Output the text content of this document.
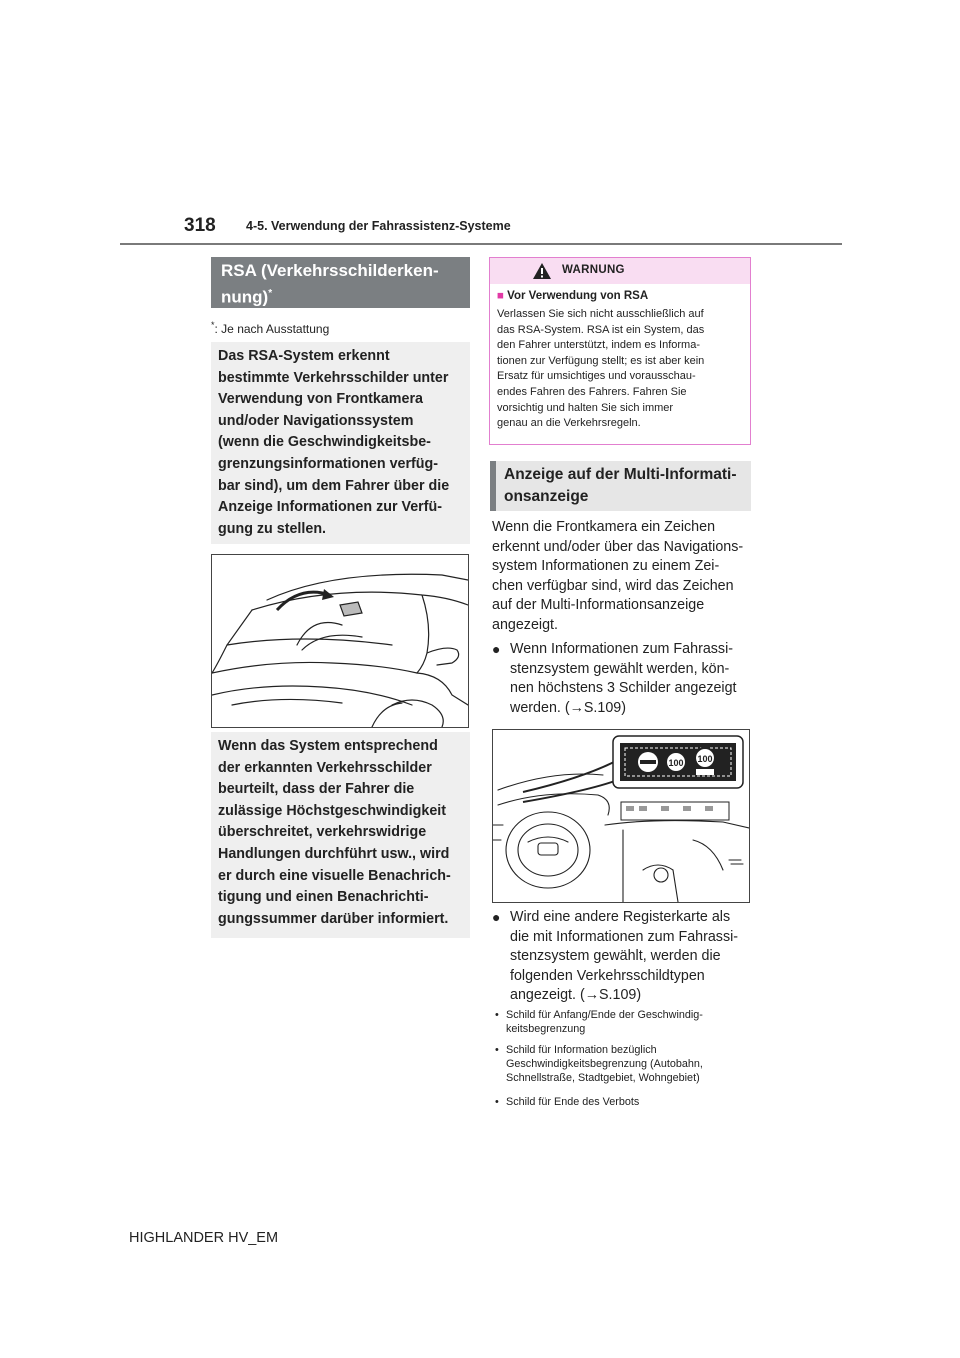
318 4-5. Verwendung der Fahrassistenz-Systeme
RSA (Verkehrsschilderken-
nung)*
*: Je nach Ausstattung
Das RSA-System erkennt
bestimmte Verkehrsschilder unter
Verwendung von Frontkamera
und/oder Navigationssystem
(wenn die Geschwindigkeitsbe-
grenzungsinformationen verfüg-
bar sind), um dem Fahrer über die
Anzeige Informationen zur Verfü-
gung zu stellen.
Wenn das System entsprechend
der erkannten Verkehrsschilder
beurteilt, dass der Fahrer die
zulässige Höchstgeschwindigkeit
überschreitet, verkehrswidrige
Handlungen durchführt usw., wird
er durch eine visuelle Benachrich-
tigung und einen Benachrichti-
gungssummer darüber informiert.
WARNUNG
■ Vor Verwendung von RSA
Verlassen Sie sich nicht ausschließlich auf
das RSA-System. RSA ist ein System, das
den Fahrer unterstützt, indem es Informa-
tionen zur Verfügung stellt; es ist aber kein
Ersatz für umsichtiges und vorausschau-
endes Fahren des Fahrers. Fahren Sie
vorsichtig und halten Sie sich immer
genau an die Verkehrsregeln.
Anzeige auf der Multi-Informati-
onsanzeige
Wenn die Frontkamera ein Zeichen
erkennt und/oder über das Navigations-
system Informationen zu einem Zei-
chen verfügbar sind, wird das Zeichen
auf der Multi-Informationsanzeige
angezeigt.
● Wenn Informationen zum Fahrassi-
stenzsystem gewählt werden, kön-
nen höchstens 3 Schilder angezeigt
werden. (→S.109)
100 100
● Wird eine andere Registerkarte als
die mit Informationen zum Fahrassi-
stenzsystem gewählt, werden die
folgenden Verkehrsschildtypen
angezeigt. (→S.109)
• Schild für Anfang/Ende der Geschwindig-
keitsbegrenzung
• Schild für Information bezüglich
Geschwindigkeitsbegrenzung (Autobahn,
Schnellstraße, Stadtgebiet, Wohngebiet)
• Schild für Ende des Verbots
HIGHLANDER HV_EM
